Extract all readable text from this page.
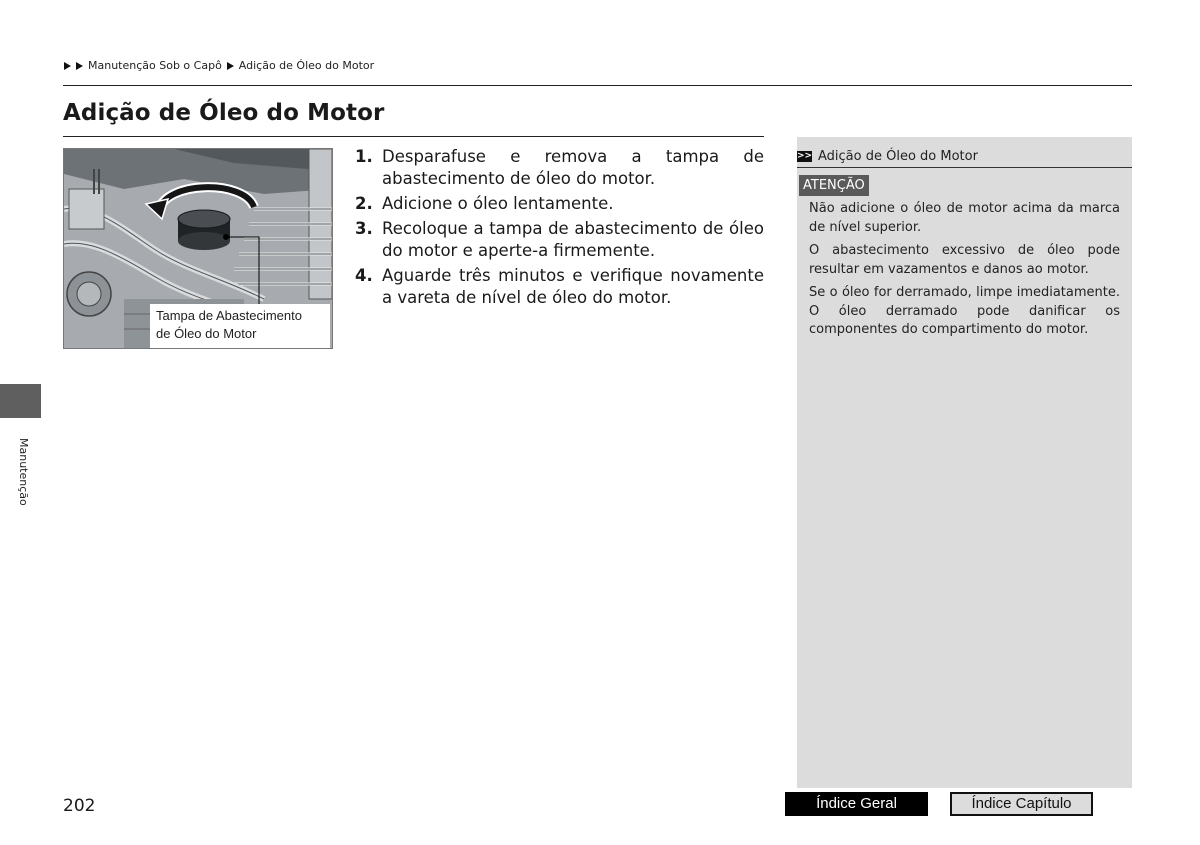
Manutenção Sob o Capô Adição de Óleo do Motor
Adição de Óleo do Motor
Tampa de Abastecimento
de Óleo do Motor
1. Desparafuse e remova a tampa de abastecimento de óleo do motor.
2. Adicione o óleo lentamente.
3. Recoloque a tampa de abastecimento de óleo do motor e aperte-a firmemente.
4. Aguarde três minutos e verifique novamente a vareta de nível de óleo do motor.
>> Adição de Óleo do Motor
ATENÇÃO

Não adicione o óleo de motor acima da marca de nível superior.

O abastecimento excessivo de óleo pode resultar em vazamentos e danos ao motor.

Se o óleo for derramado, limpe imediatamente. O óleo derramado pode danificar os componentes do compartimento do motor.

Manutenção
202	Índice Geral	Índice Capítulo
